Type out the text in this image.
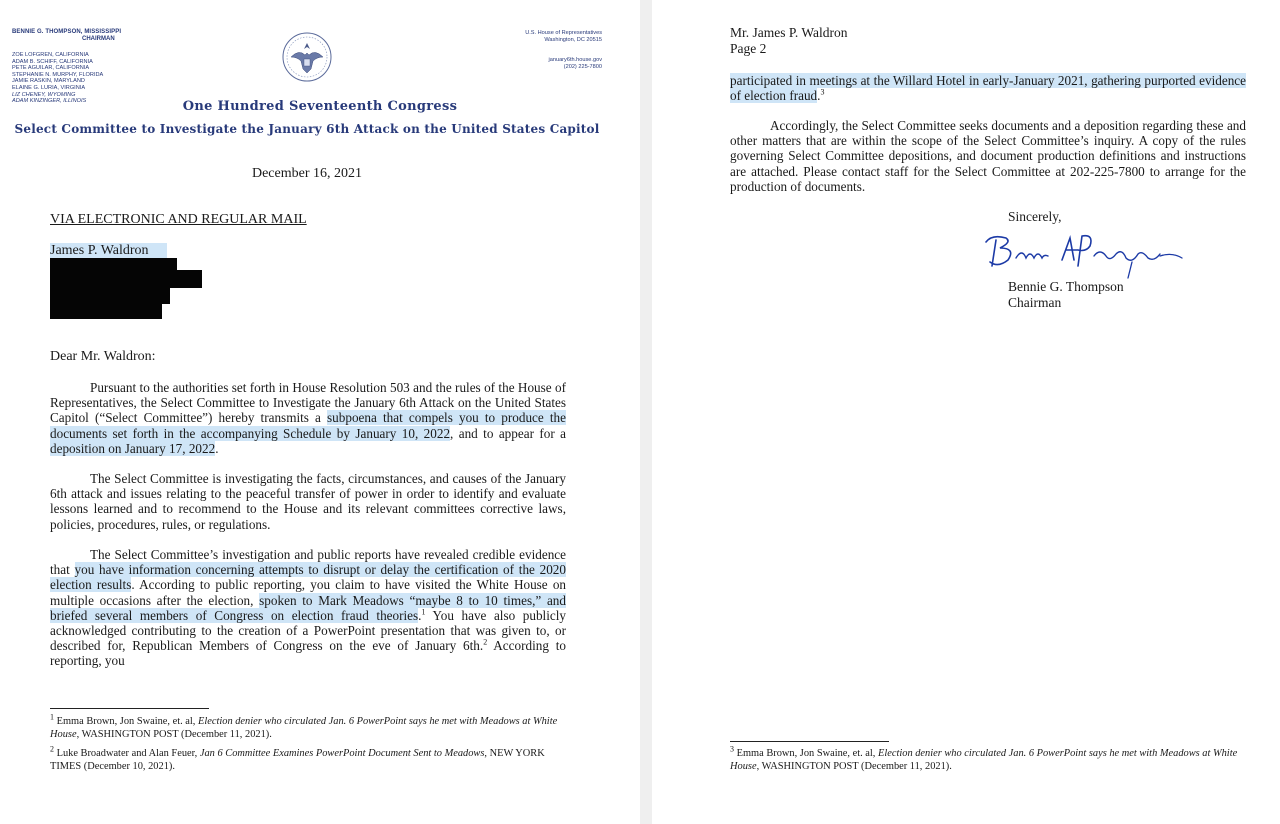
BENNIE G. THOMPSON, MISSISSIPPI
CHAIRMAN
ZOE LOFGREN, CALIFORNIA
ADAM B. SCHIFF, CALIFORNIA
PETE AGUILAR, CALIFORNIA
STEPHANIE N. MURPHY, FLORIDA
JAMIE RASKIN, MARYLAND
ELAINE G. LURIA, VIRGINIA
LIZ CHENEY, WYOMING
ADAM KINZINGER, ILLINOIS
U.S. House of Representatives
Washington, DC 20515
january6th.house.gov
(202) 225-7800
One Hundred Seventeenth Congress
Select Committee to Investigate the January 6th Attack on the United States Capitol
December 16, 2021
VIA ELECTRONIC AND REGULAR MAIL
James P. Waldron
Dear Mr. Waldron:

Pursuant to the authorities set forth in House Resolution 503 and the rules of the House of Representatives, the Select Committee to Investigate the January 6th Attack on the United States Capitol (“Select Committee”) hereby transmits a subpoena that compels you to produce the documents set forth in the accompanying Schedule by January 10, 2022, and to appear for a deposition on January 17, 2022.

The Select Committee is investigating the facts, circumstances, and causes of the January 6th attack and issues relating to the peaceful transfer of power in order to identify and evaluate lessons learned and to recommend to the House and its relevant committees corrective laws, policies, procedures, rules, or regulations.

The Select Committee’s investigation and public reports have revealed credible evidence that you have information concerning attempts to disrupt or delay the certification of the 2020 election results. According to public reporting, you claim to have visited the White House on multiple occasions after the election, spoken to Mark Meadows “maybe 8 to 10 times,” and briefed several members of Congress on election fraud theories.$^1$ You have also publicly acknowledged contributing to the creation of a PowerPoint presentation that was given to, or described for, Republican Members of Congress on the eve of January 6th.$^2$ According to reporting, you

$^1$ Emma Brown, Jon Swaine, et. al, Election denier who circulated Jan. 6 PowerPoint says he met with Meadows at White House, WASHINGTON POST (December 11, 2021).
$^2$ Luke Broadwater and Alan Feuer, Jan 6 Committee Examines PowerPoint Document Sent to Meadows, NEW YORK TIMES (December 10, 2021).
Mr. James P. Waldron
Page 2

participated in meetings at the Willard Hotel in early-January 2021, gathering purported evidence of election fraud.$^3$

Accordingly, the Select Committee seeks documents and a deposition regarding these and other matters that are within the scope of the Select Committee’s inquiry. A copy of the rules governing Select Committee depositions, and document production definitions and instructions are attached. Please contact staff for the Select Committee at 202-225-7800 to arrange for the production of documents.

Sincerely,
Bennie G. Thompson
Chairman
$^3$ Emma Brown, Jon Swaine, et. al, Election denier who circulated Jan. 6 PowerPoint says he met with Meadows at White House, WASHINGTON POST (December 11, 2021).
